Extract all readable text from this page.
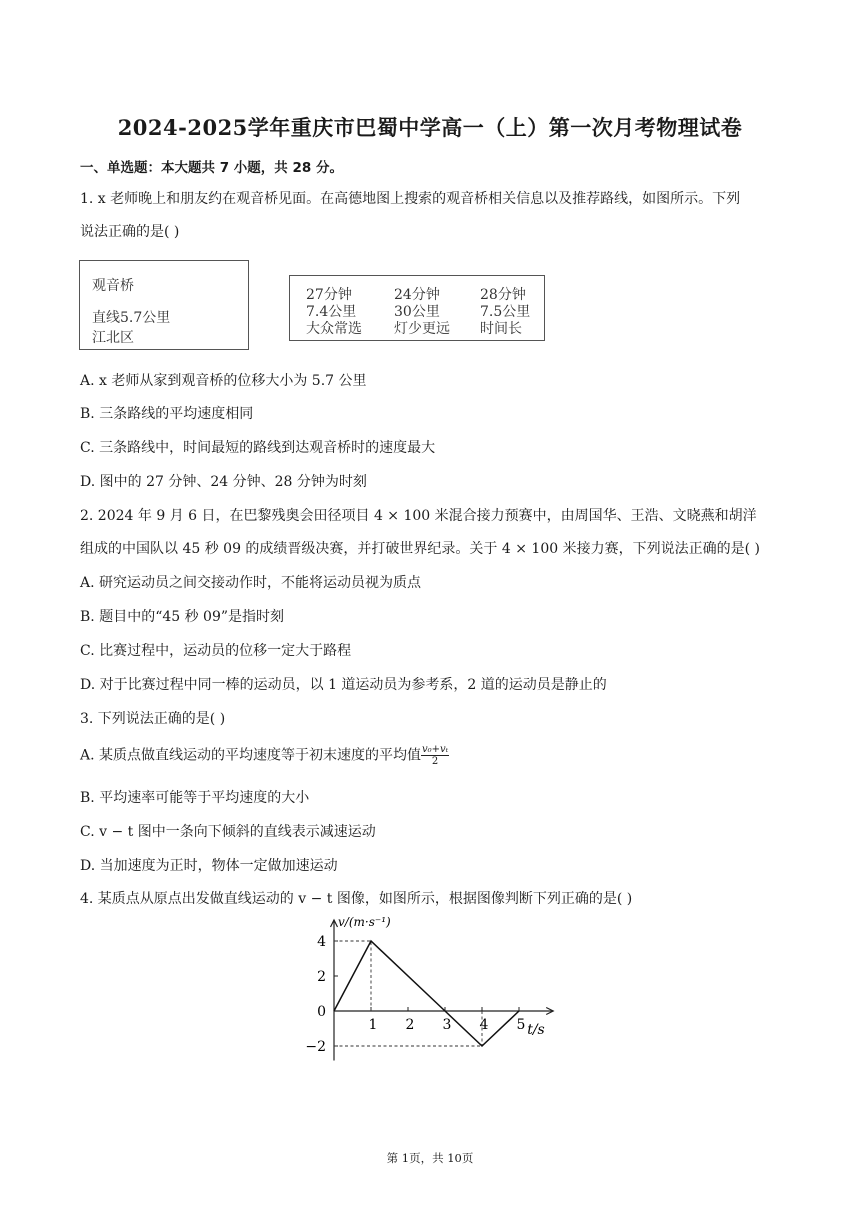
2024-2025学年重庆市巴蜀中学高一（上）第一次月考物理试卷
一、单选题：本大题共 7 小题，共 28 分。
1. x 老师晚上和朋友约在观音桥见面。在高德地图上搜索的观音桥相关信息以及推荐路线，如图所示。下列
说法正确的是( )
观音桥
直线5.7公里
江北区
27分钟
7.4公里
大众常选
24分钟
30公里
灯少更远
28分钟
7.5公里
时间长
A. x 老师从家到观音桥的位移大小为 5.7 公里
B. 三条路线的平均速度相同
C. 三条路线中，时间最短的路线到达观音桥时的速度最大
D. 图中的 27 分钟、24 分钟、28 分钟为时刻
2. 2024 年 9 月 6 日，在巴黎残奥会田径项目 4 × 100 米混合接力预赛中，由周国华、王浩、文晓燕和胡洋
组成的中国队以 45 秒 09 的成绩晋级决赛，并打破世界纪录。关于 4 × 100 米接力赛，下列说法正确的是( )
A. 研究运动员之间交接动作时，不能将运动员视为质点
B. 题目中的“45 秒 09”是指时刻
C. 比赛过程中，运动员的位移一定大于路程
D. 对于比赛过程中同一棒的运动员，以 1 道运动员为参考系，2 道的运动员是静止的
3. 下列说法正确的是( )
A. 某质点做直线运动的平均速度等于初末速度的平均值 $\frac{\text{v₀+vₜ}}{2}$
B. 平均速率可能等于平均速度的大小
C. v − t 图中一条向下倾斜的直线表示减速运动
D. 当加速度为正时，物体一定做加速运动
4. 某质点从原点出发做直线运动的 v − t 图像，如图所示，根据图像判断下列正确的是( )
v/(m·s⁻¹)
t/s
1 2 3 4 5
4
2
0
−2
第 1页，共 10页
